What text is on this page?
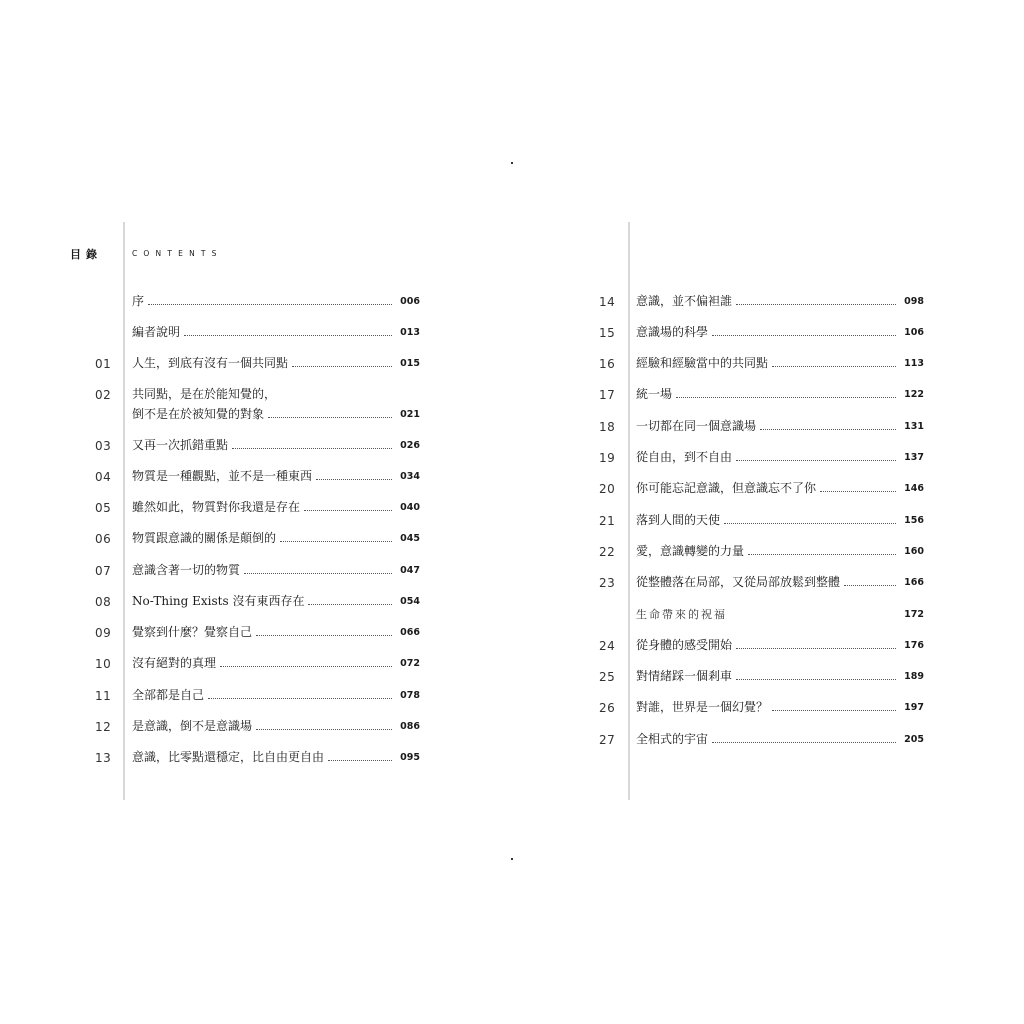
目錄	CONTENTS
序	006
編者說明	013
01	人生，到底有沒有一個共同點	015
02	共同點，是在於能知覺的，
倒不是在於被知覺的對象	021
03	又再一次抓錯重點	026
04	物質是一種觀點，並不是一種東西	034
05	雖然如此，物質對你我還是存在	040
06	物質跟意識的關係是顛倒的	045
07	意識含著一切的物質	047
08	No-Thing Exists 沒有東西存在	054
09	覺察到什麼？覺察自己	066
10	沒有絕對的真理	072
11	全部都是自己	078
12	是意識，倒不是意識場	086
13	意識，比零點還穩定，比自由更自由	095
14	意識，並不偏袒誰	098
15	意識場的科學	106
16	經驗和經驗當中的共同點	113
17	統一場	122
18	一切都在同一個意識場	131
19	從自由，到不自由	137
20	你可能忘記意識，但意識忘不了你	146
21	落到人間的天使	156
22	愛，意識轉變的力量	160
23	從整體落在局部，又從局部放鬆到整體	166
生命帶來的祝福	172
24	從身體的感受開始	176
25	對情緒踩一個剎車	189
26	對誰，世界是一個幻覺？	197
27	全相式的宇宙	205
